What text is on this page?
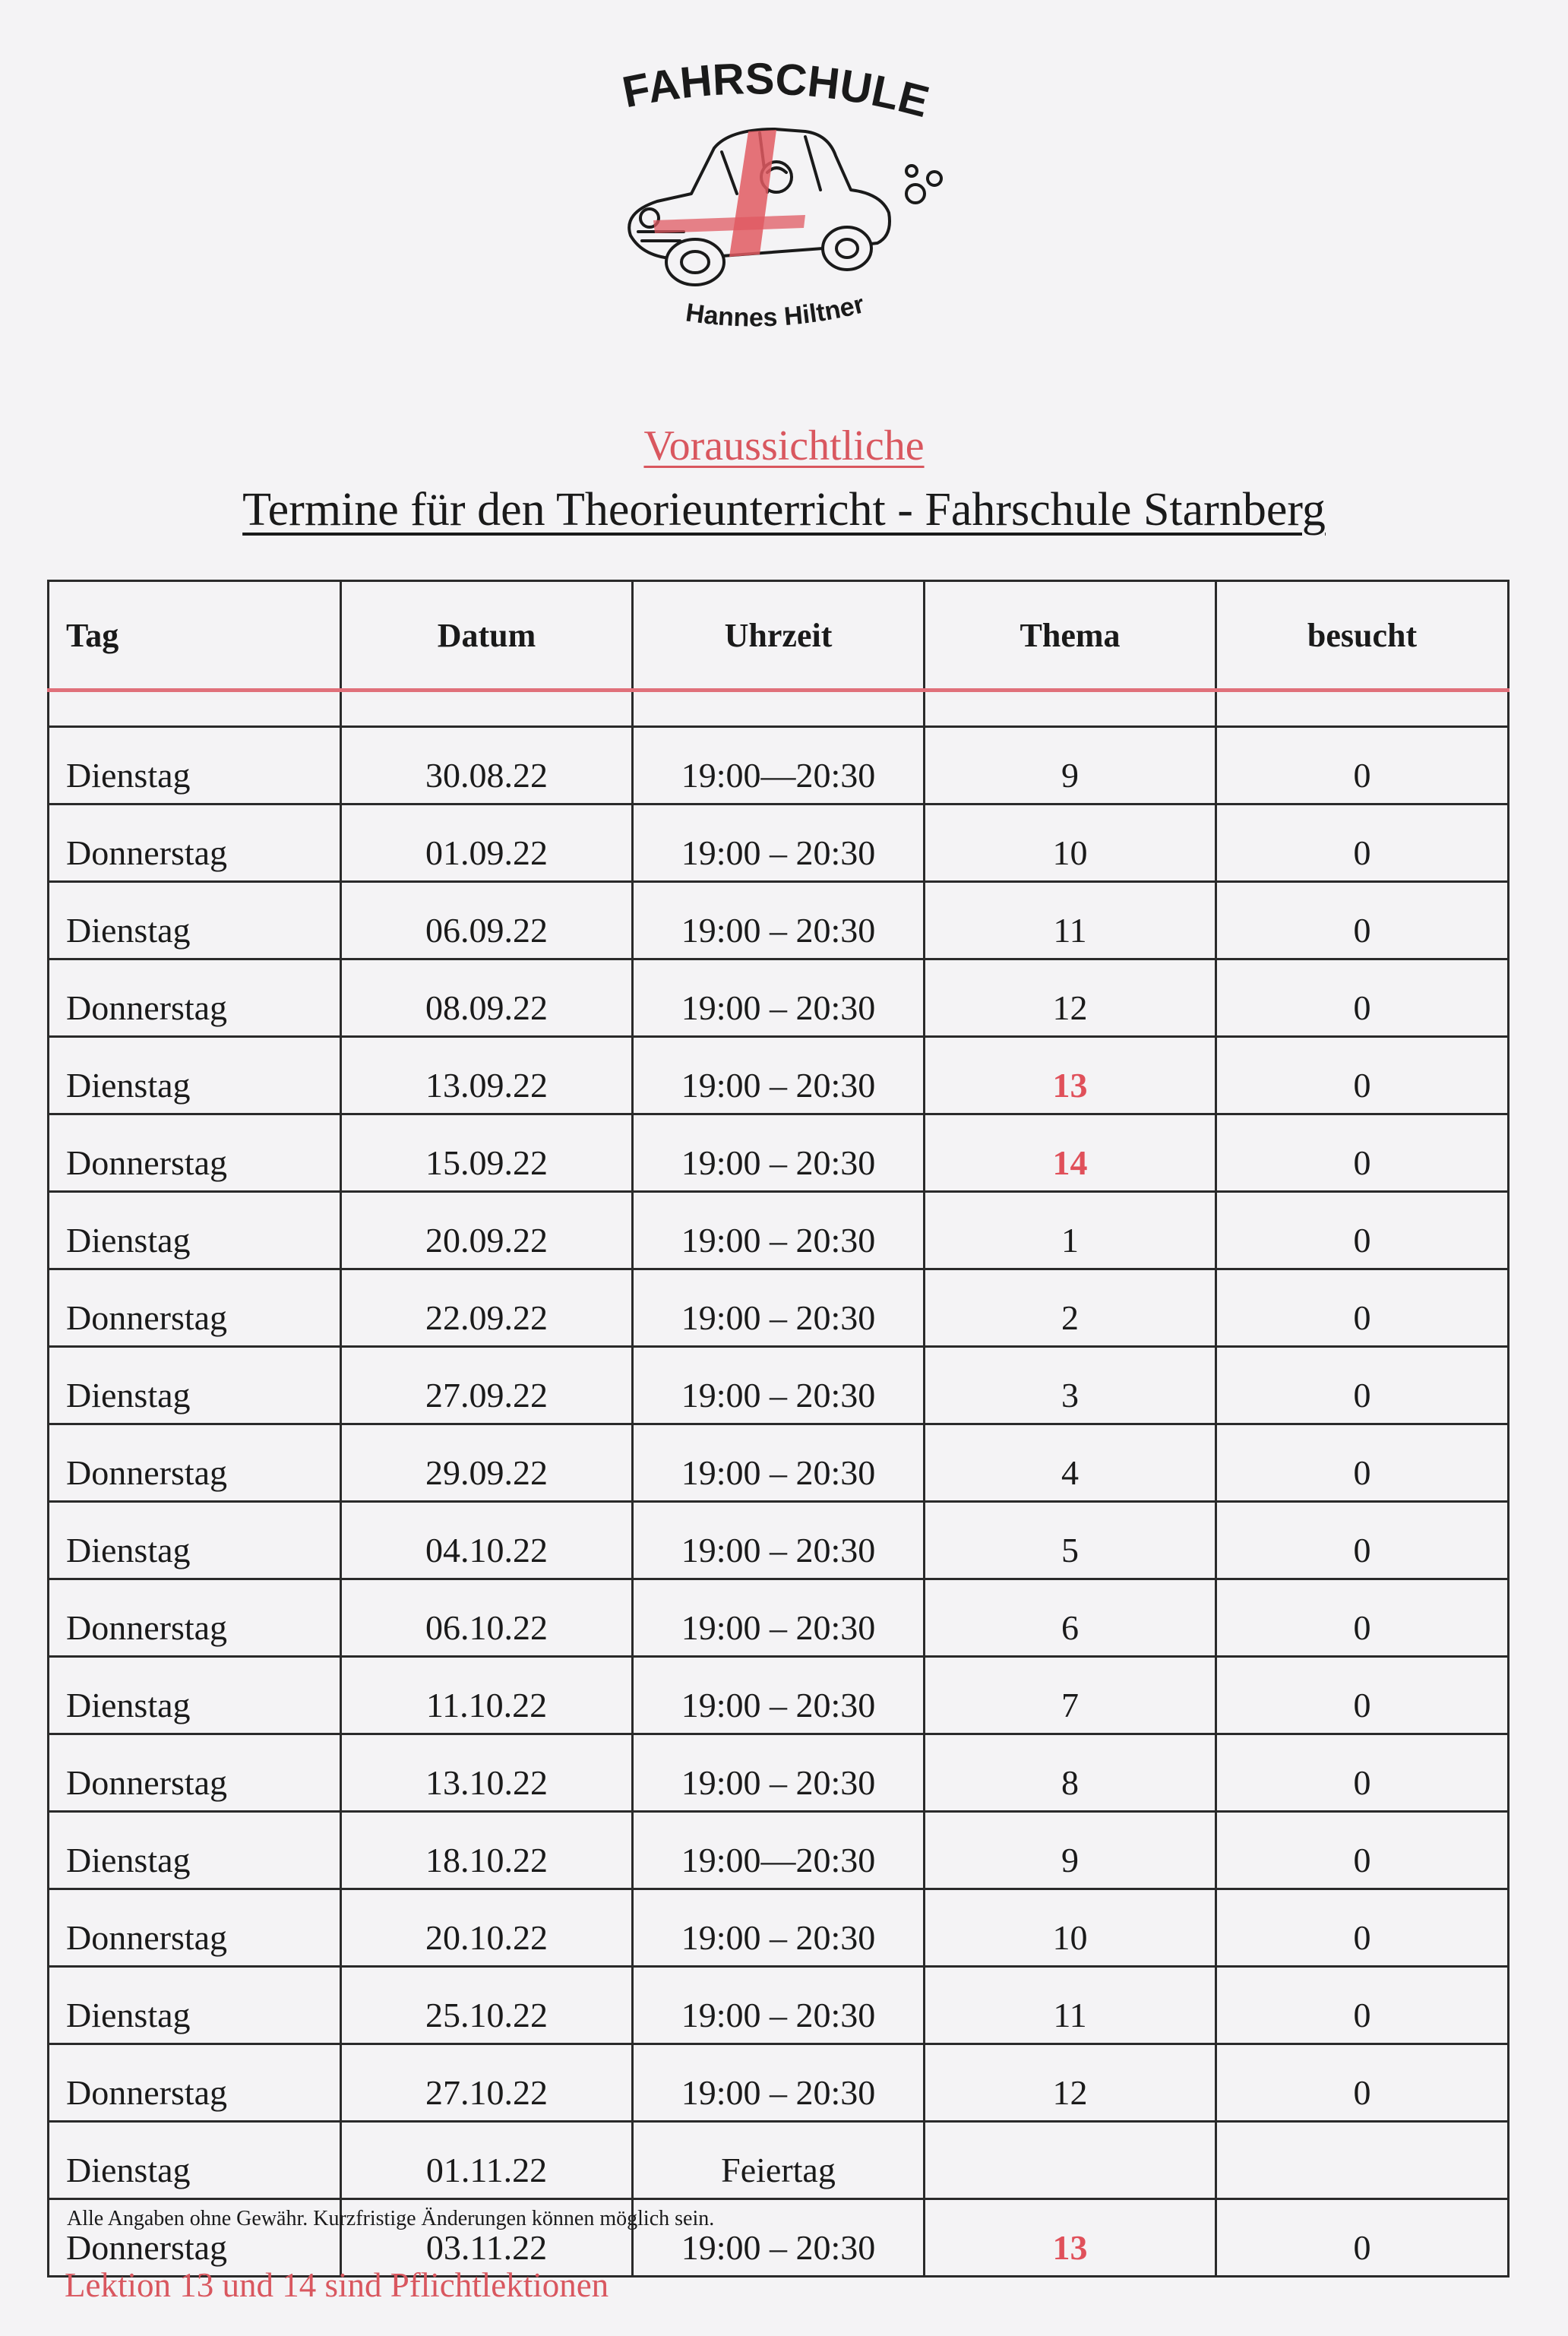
FAHRSCHULE
Hannes Hiltner
Voraussichtliche
Termine für den Theorieunterricht - Fahrschule Starnberg
Tag	Datum	Uhrzeit	Thema	besucht

Dienstag	30.08.22	19:00—20:30	9	0
Donnerstag	01.09.22	19:00 – 20:30	10	0
Dienstag	06.09.22	19:00 – 20:30	11	0
Donnerstag	08.09.22	19:00 – 20:30	12	0
Dienstag	13.09.22	19:00 – 20:30	13	0
Donnerstag	15.09.22	19:00 – 20:30	14	0
Dienstag	20.09.22	19:00 – 20:30	1	0
Donnerstag	22.09.22	19:00 – 20:30	2	0
Dienstag	27.09.22	19:00 – 20:30	3	0
Donnerstag	29.09.22	19:00 – 20:30	4	0
Dienstag	04.10.22	19:00 – 20:30	5	0
Donnerstag	06.10.22	19:00 – 20:30	6	0
Dienstag	11.10.22	19:00 – 20:30	7	0
Donnerstag	13.10.22	19:00 – 20:30	8	0
Dienstag	18.10.22	19:00—20:30	9	0
Donnerstag	20.10.22	19:00 – 20:30	10	0
Dienstag	25.10.22	19:00 – 20:30	11	0
Donnerstag	27.10.22	19:00 – 20:30	12	0
Dienstag	01.11.22	Feiertag		
Donnerstag	03.11.22	19:00 – 20:30	13	0
Alle Angaben ohne Gewähr. Kurzfristige Änderungen können möglich sein.
Lektion 13 und 14 sind Pflichtlektionen
